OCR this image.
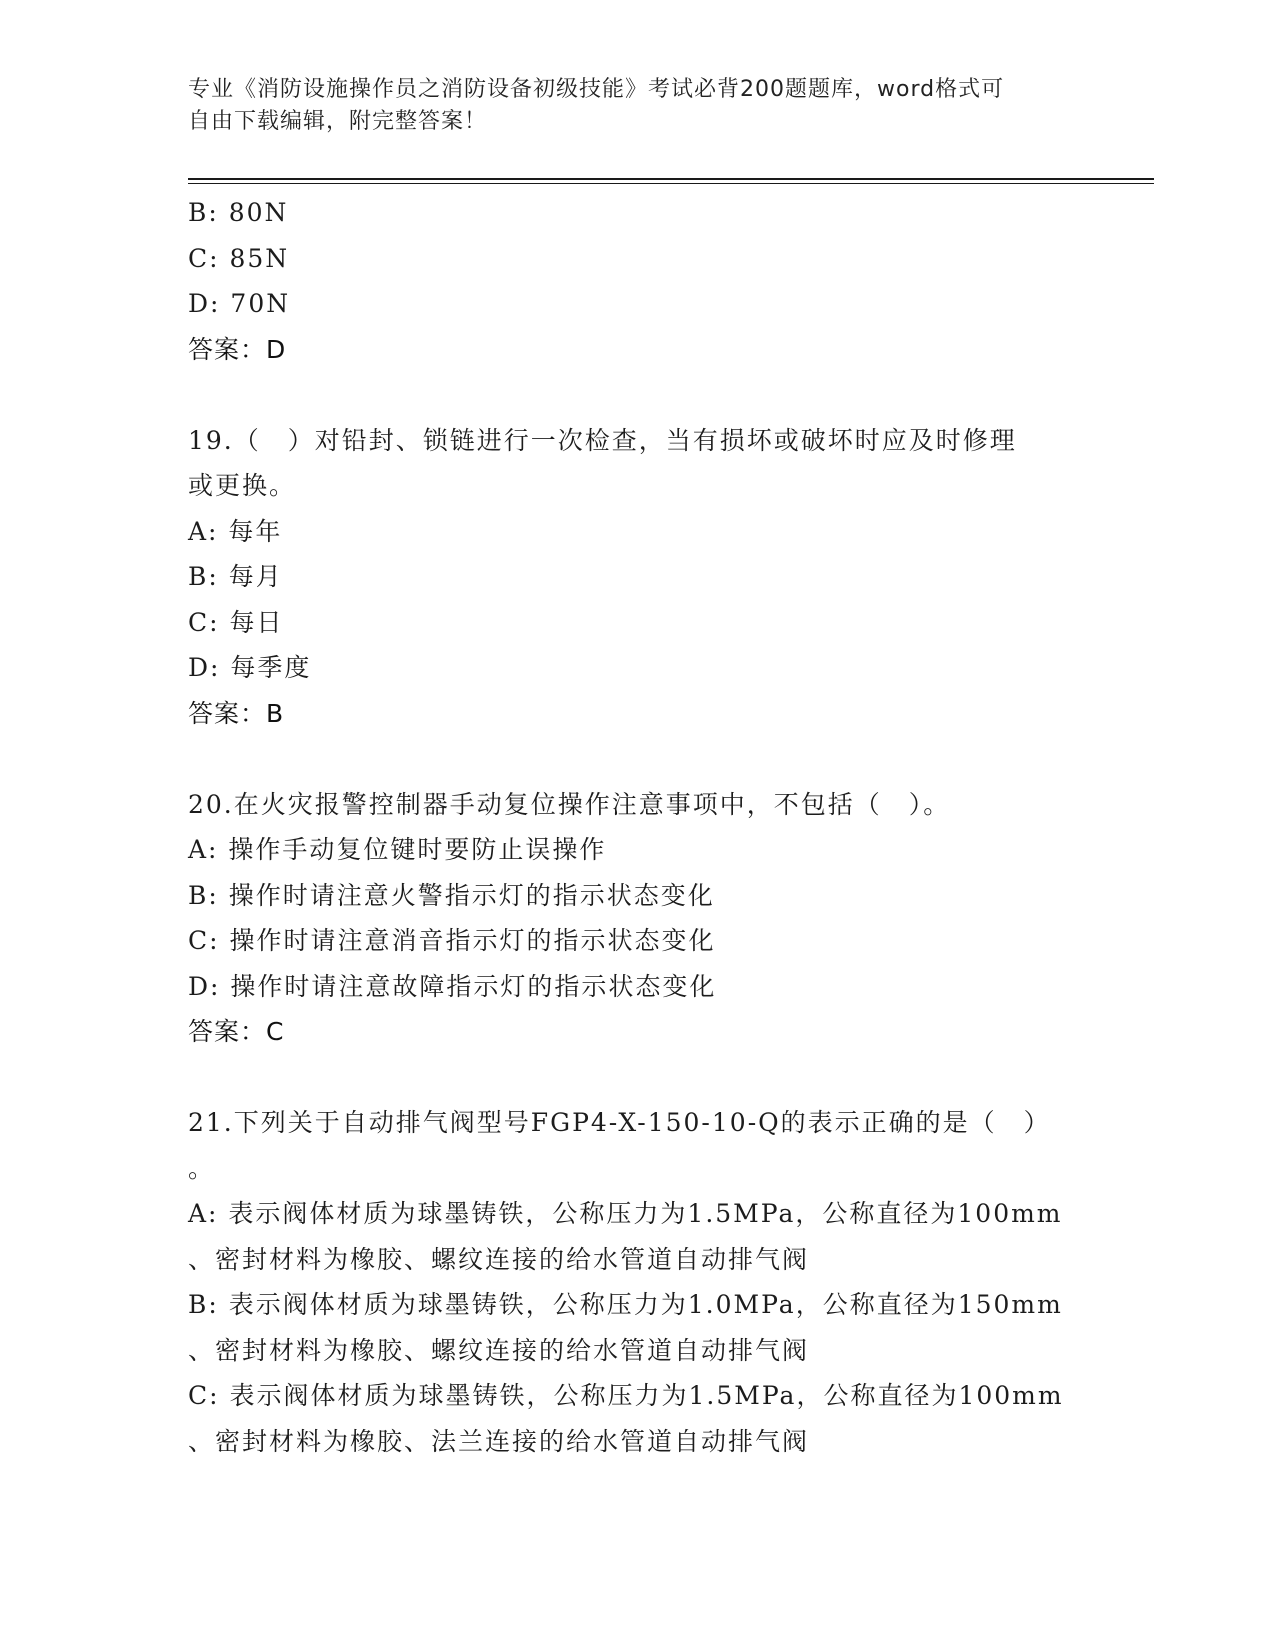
专业《消防设施操作员之消防设备初级技能》考试必背200题题库，word格式可
自由下载编辑，附完整答案！
B: 80N
C: 85N
D: 70N
答案：D
19.（　）对铅封、锁链进行一次检查，当有损坏或破坏时应及时修理
或更换。
A: 每年
B: 每月
C: 每日
D: 每季度
答案：B
20.在火灾报警控制器手动复位操作注意事项中，不包括（　）。
A: 操作手动复位键时要防止误操作
B: 操作时请注意火警指示灯的指示状态变化
C: 操作时请注意消音指示灯的指示状态变化
D: 操作时请注意故障指示灯的指示状态变化
答案：C
21.下列关于自动排气阀型号FGP4-X-150-10-Q的表示正确的是（　）
。
A: 表示阀体材质为球墨铸铁，公称压力为1.5MPa，公称直径为100mm
、密封材料为橡胶、螺纹连接的给水管道自动排气阀
B: 表示阀体材质为球墨铸铁，公称压力为1.0MPa，公称直径为150mm
、密封材料为橡胶、螺纹连接的给水管道自动排气阀
C: 表示阀体材质为球墨铸铁，公称压力为1.5MPa，公称直径为100mm
、密封材料为橡胶、法兰连接的给水管道自动排气阀
